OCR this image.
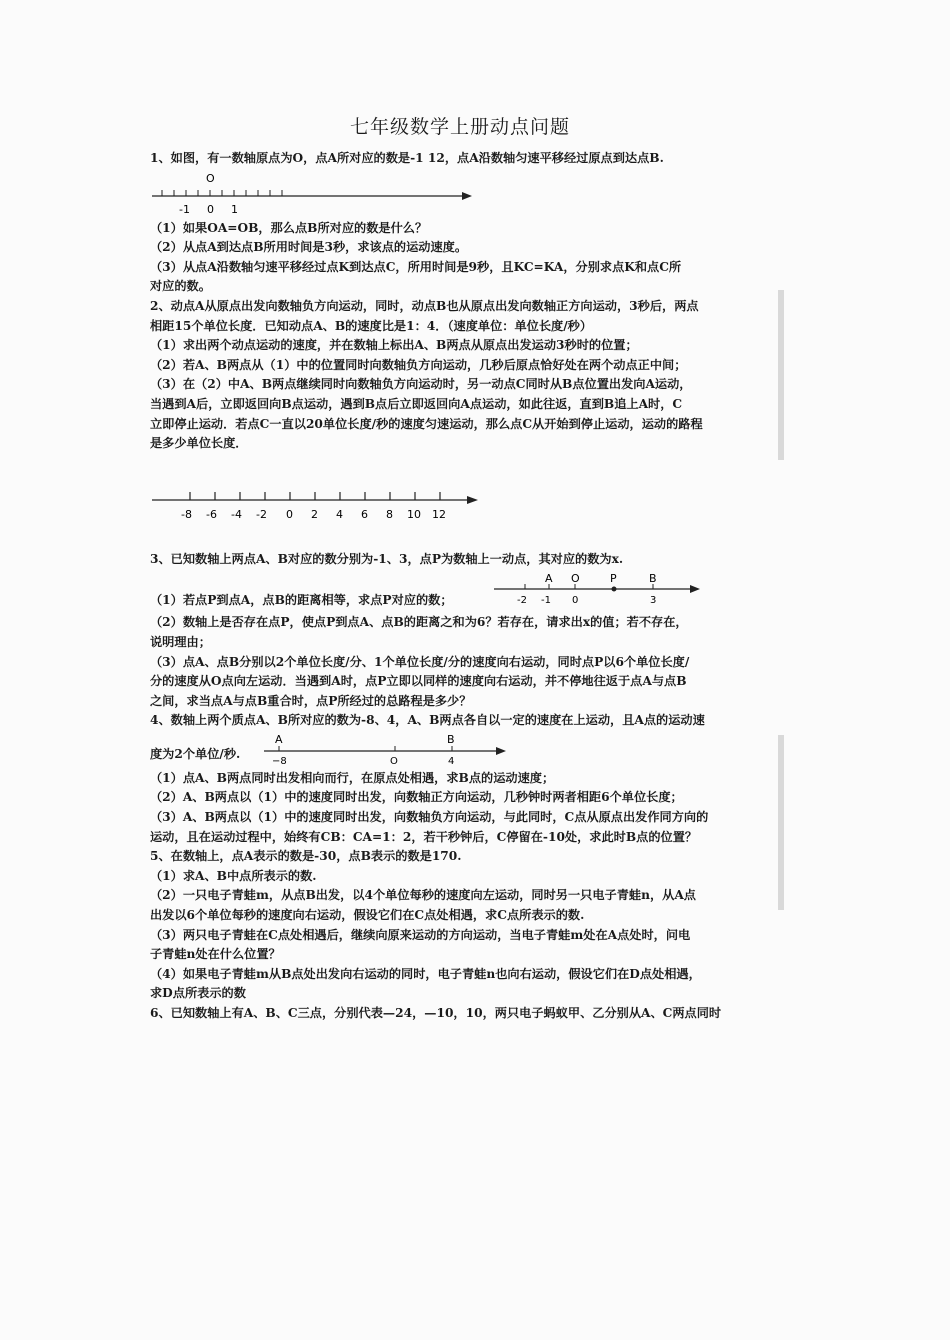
七年级数学上册动点问题

1、如图，有一数轴原点为O，点A所对应的数是-1 12，点A沿数轴匀速平移经过原点到达点B.

O
-1 0 1

（1）如果OA=OB，那么点B所对应的数是什么？

（2）从点A到达点B所用时间是3秒，求该点的运动速度。

（3）从点A沿数轴匀速平移经过点K到达点C，所用时间是9秒，且KC=KA，分别求点K和点C所

对应的数。

2、动点A从原点出发向数轴负方向运动，同时，动点B也从原点出发向数轴正方向运动，3秒后，两点

相距15个单位长度．已知动点A、B的速度比是1：4．（速度单位：单位长度/秒）

（1）求出两个动点运动的速度，并在数轴上标出A、B两点从原点出发运动3秒时的位置；

（2）若A、B两点从（1）中的位置同时向数轴负方向运动，几秒后原点恰好处在两个动点正中间；

（3）在（2）中A、B两点继续同时向数轴负方向运动时，另一动点C同时从B点位置出发向A运动，

当遇到A后，立即返回向B点运动，遇到B点后立即返回向A点运动，如此往返，直到B追上A时，C

立即停止运动．若点C一直以20单位长度/秒的速度匀速运动，那么点C从开始到停止运动，运动的路程

是多少单位长度．

-8 -6 -4 -2 0 2 4 6 8 10 12

3、已知数轴上两点A、B对应的数分别为-1、3，点P为数轴上一动点，其对应的数为x.

A O	P	B
-2 -1 0	3

（1）若点P到点A，点B的距离相等，求点P对应的数；

（2）数轴上是否存在点P，使点P到点A、点B的距离之和为6？若存在，请求出x的值；若不存在，

说明理由；

（3）点A、点B分别以2个单位长度/分、1个单位长度/分的速度向右运动，同时点P以6个单位长度/

分的速度从O点向左运动．当遇到A时，点P立即以同样的速度向右运动，并不停地往返于点A与点B

之间，求当点A与点B重合时，点P所经过的总路程是多少？

4、数轴上两个质点A、B所对应的数为-8、4，A、B两点各自以一定的速度在上运动，且A点的运动速

度为2个单位/秒.

A	B
−8	O	4

（1）点A、B两点同时出发相向而行，在原点处相遇，求B点的运动速度；

（2）A、B两点以（1）中的速度同时出发，向数轴正方向运动，几秒钟时两者相距6个单位长度；

（3）A、B两点以（1）中的速度同时出发，向数轴负方向运动，与此同时，C点从原点出发作同方向的

运动，且在运动过程中，始终有CB：CA=1：2，若干秒钟后，C停留在-10处，求此时B点的位置？

5、在数轴上，点A表示的数是-30，点B表示的数是170.

（1）求A、B中点所表示的数.

（2）一只电子青蛙m，从点B出发，以4个单位每秒的速度向左运动，同时另一只电子青蛙n，从A点

出发以6个单位每秒的速度向右运动，假设它们在C点处相遇，求C点所表示的数.

（3）两只电子青蛙在C点处相遇后，继续向原来运动的方向运动，当电子青蛙m处在A点处时，问电

子青蛙n处在什么位置？

（4）如果电子青蛙m从B点处出发向右运动的同时，电子青蛙n也向右运动，假设它们在D点处相遇，

求D点所表示的数

6、已知数轴上有A、B、C三点，分别代表—24，—10，10，两只电子蚂蚁甲、乙分别从A、C两点同时
